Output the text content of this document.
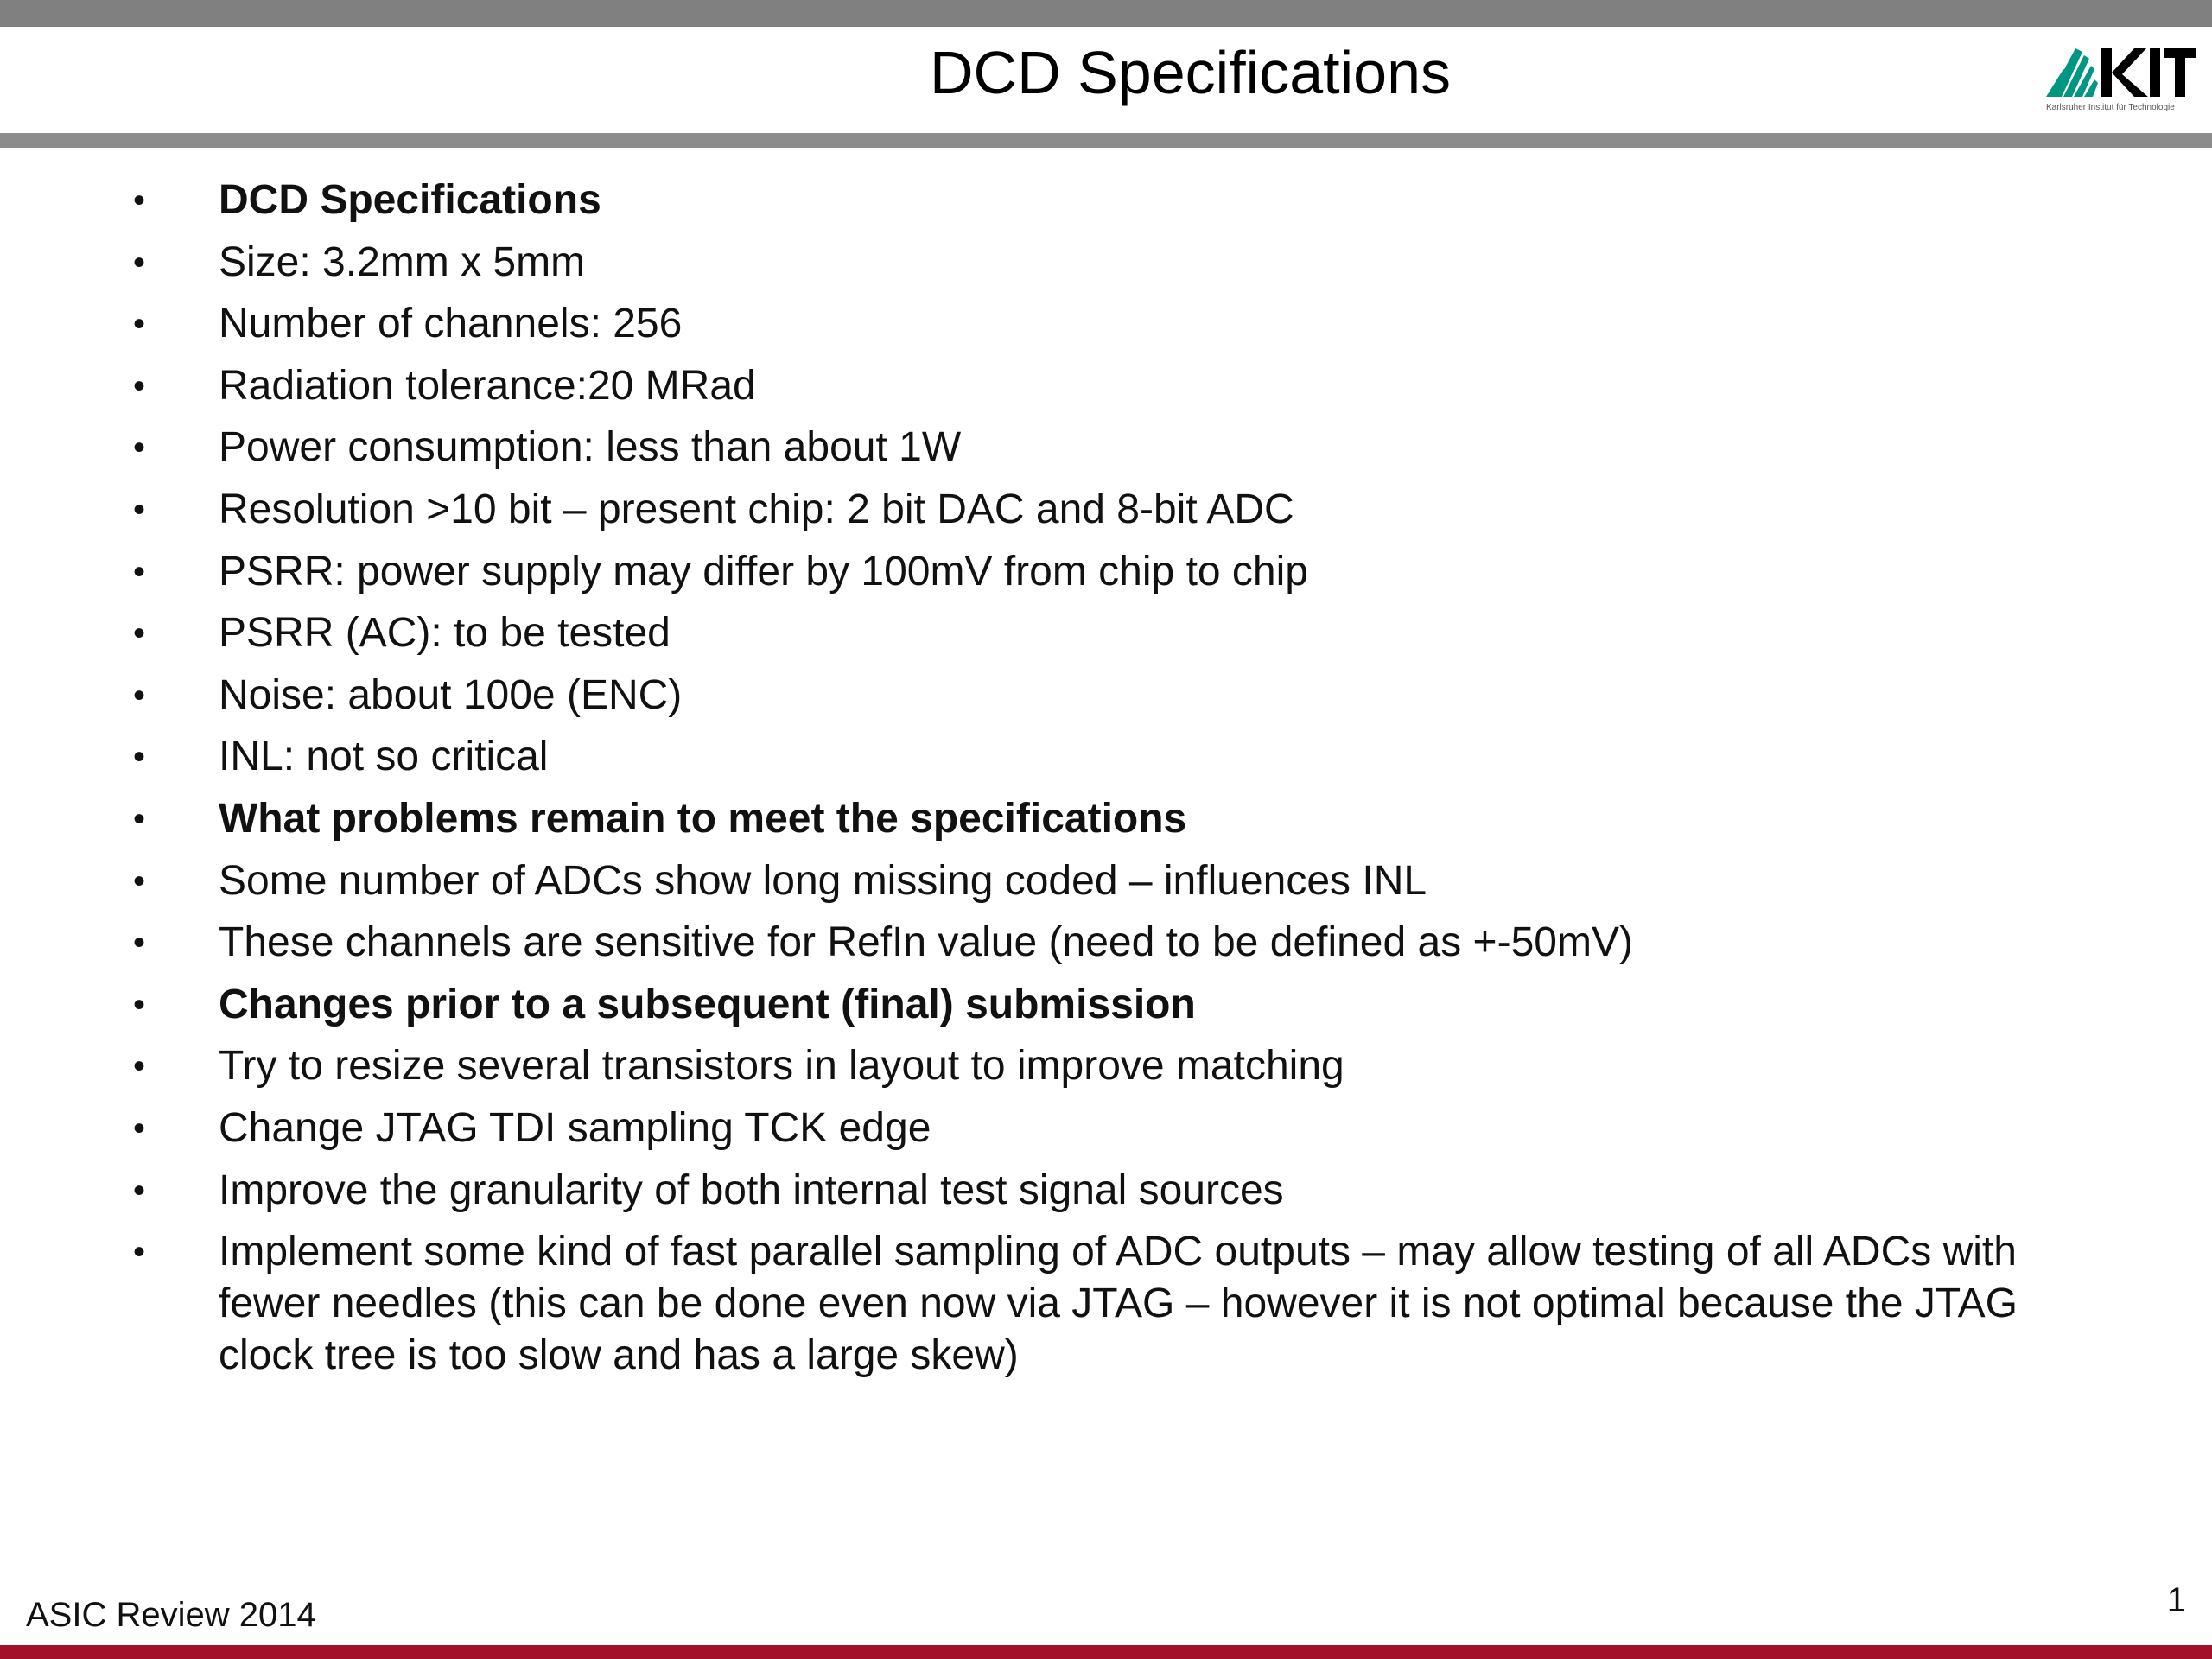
DCD Specifications
Karlsruher Institut für Technologie
• DCD Specifications
• Size: 3.2mm x 5mm
• Number of channels: 256
• Radiation tolerance:20 MRad
• Power consumption: less than about 1W
• Resolution >10 bit – present chip: 2 bit DAC and 8-bit ADC
• PSRR: power supply may differ by 100mV from chip to chip
• PSRR (AC): to be tested
• Noise: about 100e (ENC)
• INL: not so critical
• What problems remain to meet the specifications
• Some number of ADCs show long missing coded – influences INL
• These channels are sensitive for RefIn value (need to be defined as +-50mV)
• Changes prior to a subsequent (final) submission
• Try to resize several transistors in layout to improve matching
• Change JTAG TDI sampling TCK edge
• Improve the granularity of both internal test signal sources
• Implement some kind of fast parallel sampling of ADC outputs – may allow testing of all ADCs with fewer needles (this can be done even now via JTAG – however it is not optimal because the JTAG clock tree is too slow and has a large skew)
ASIC Review 2014	1
